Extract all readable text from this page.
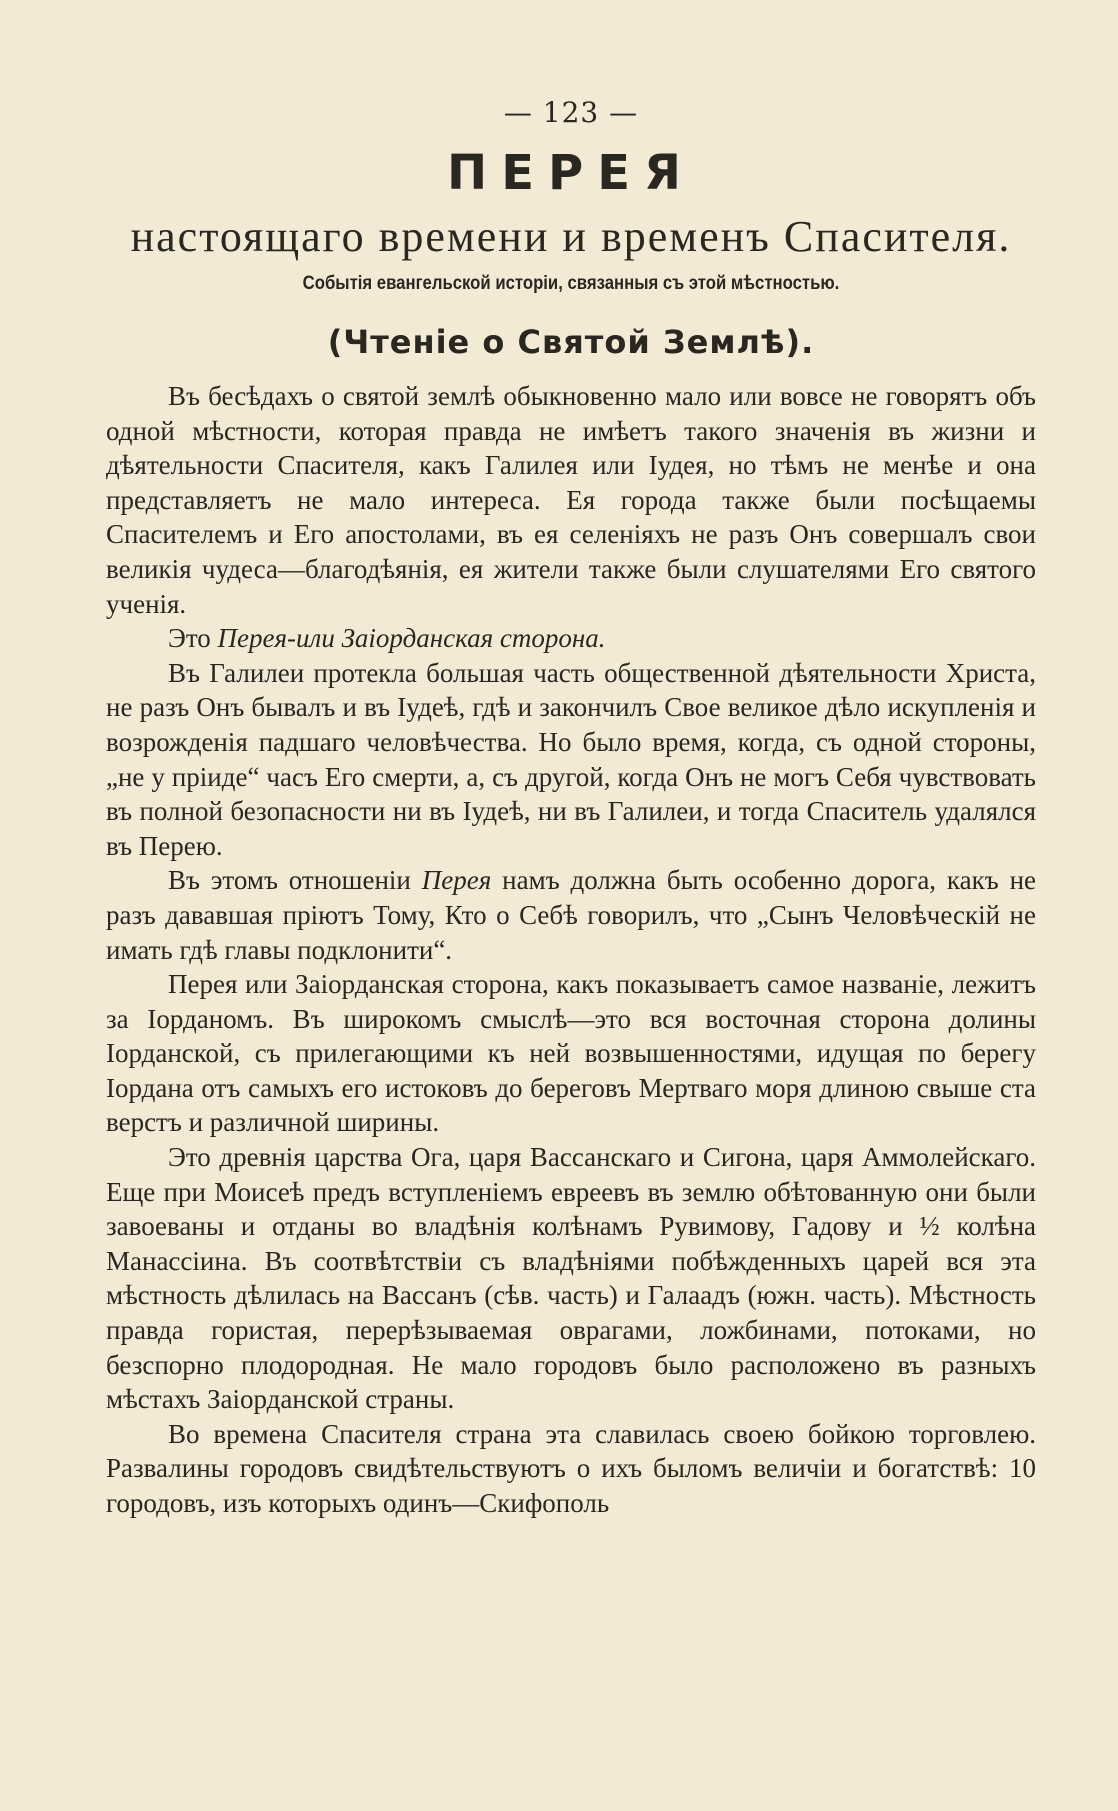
— 123 —
ПЕРЕЯ
настоящаго времени и временъ Спасителя.
Событія евангельской исторіи, связанныя съ этой мѣстностью.
(Чтеніе о Святой Землѣ).

Въ бесѣдахъ о святой землѣ обыкновенно мало или вовсе не говорятъ объ одной мѣстности, которая правда не имѣетъ такого значенія въ жизни и дѣятельности Спасителя, какъ Галилея или Іудея, но тѣмъ не менѣе и она представляетъ не мало интереса. Ея города также были посѣщаемы Спасителемъ и Его апостолами, въ ея селеніяхъ не разъ Онъ совершалъ свои великія чудеса—благодѣянія, ея жители также были слушателями Его святого ученія.

Это Перея-или Заіорданская сторона.

Въ Галилеи протекла большая часть общественной дѣятельности Христа, не разъ Онъ бывалъ и въ Іудеѣ, гдѣ и закончилъ Свое великое дѣло искупленія и возрожденія падшаго человѣчества. Но было время, когда, съ одной стороны, „не у пріиде“ часъ Его смерти, а, съ другой, когда Онъ не могъ Себя чувствовать въ полной безопасности ни въ Іудеѣ, ни въ Галилеи, и тогда Спаситель удалялся въ Перею.

Въ этомъ отношеніи Перея намъ должна быть особенно дорога, какъ не разъ дававшая пріютъ Тому, Кто о Себѣ говорилъ, что „Сынъ Человѣческій не имать гдѣ главы подклонити“.

Перея или Заіорданская сторона, какъ показываетъ самое названіе, лежитъ за Іорданомъ. Въ широкомъ смыслѣ—это вся восточная сторона долины Іорданской, съ прилегающими къ ней возвышенностями, идущая по берегу Іордана отъ самыхъ его истоковъ до береговъ Мертваго моря длиною свыше ста верстъ и различной ширины.

Это древнія царства Ога, царя Вассанскаго и Сигона, царя Аммолейскаго. Еще при Моисеѣ предъ вступленіемъ евреевъ въ землю обѣтованную они были завоеваны и отданы во владѣнія колѣнамъ Рувимову, Гадову и ½ колѣна Манассіина. Въ соотвѣтствіи съ владѣніями побѣжденныхъ царей вся эта мѣстность дѣлилась на Вассанъ (сѣв. часть) и Галаадъ (южн. часть). Мѣстность правда гористая, перерѣзываемая оврагами, ложбинами, потоками, но безспорно плодородная. Не мало городовъ было расположено въ разныхъ мѣстахъ Заіорданской страны.

Во времена Спасителя страна эта славилась своею бойкою торговлею. Развалины городовъ свидѣтельствуютъ о ихъ быломъ величіи и богатствѣ: 10 городовъ, изъ которыхъ одинъ—Скифополь
